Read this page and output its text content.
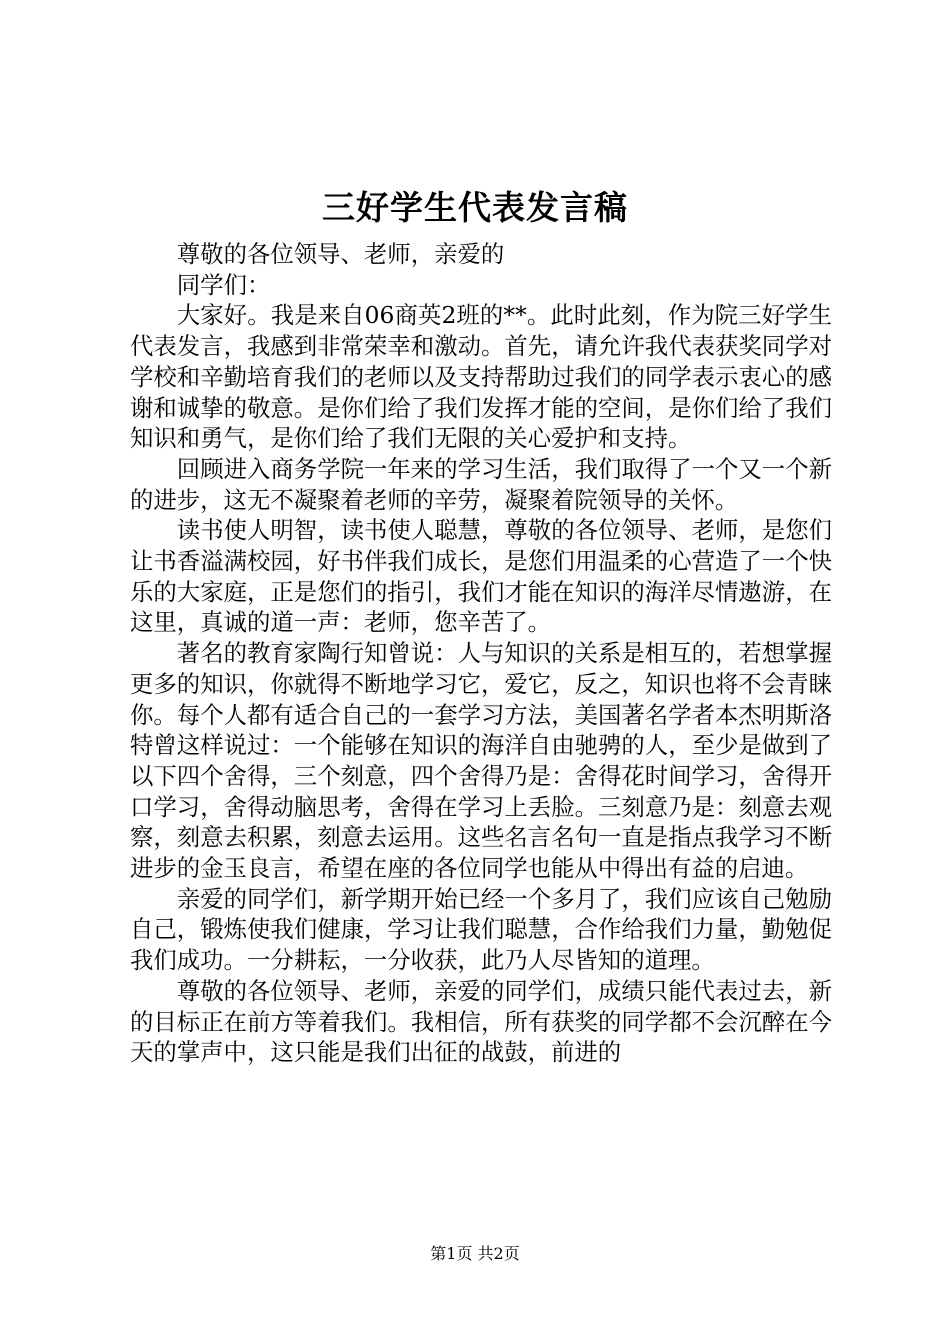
三好学生代表发言稿

尊敬的各位领导、老师，亲爱的

同学们：

大家好。我是来自06商英2班的**。此时此刻，作为院三好学生代表发言，我感到非常荣幸和激动。首先，请允许我代表获奖同学对学校和辛勤培育我们的老师以及支持帮助过我们的同学表示衷心的感谢和诚挚的敬意。是你们给了我们发挥才能的空间，是你们给了我们知识和勇气，是你们给了我们无限的关心爱护和支持。

回顾进入商务学院一年来的学习生活，我们取得了一个又一个新的进步，这无不凝聚着老师的辛劳，凝聚着院领导的关怀。

读书使人明智，读书使人聪慧，尊敬的各位领导、老师，是您们让书香溢满校园，好书伴我们成长，是您们用温柔的心营造了一个快乐的大家庭，正是您们的指引，我们才能在知识的海洋尽情遨游，在这里，真诚的道一声：老师，您辛苦了。

著名的教育家陶行知曾说：人与知识的关系是相互的，若想掌握更多的知识，你就得不断地学习它，爱它，反之，知识也将不会青睐你。每个人都有适合自己的一套学习方法，美国著名学者本杰明斯洛特曾这样说过：一个能够在知识的海洋自由驰骋的人，至少是做到了以下四个舍得，三个刻意，四个舍得乃是：舍得花时间学习，舍得开口学习，舍得动脑思考，舍得在学习上丢脸。三刻意乃是：刻意去观察，刻意去积累，刻意去运用。这些名言名句一直是指点我学习不断进步的金玉良言，希望在座的各位同学也能从中得出有益的启迪。

亲爱的同学们，新学期开始已经一个多月了，我们应该自己勉励自己，锻炼使我们健康，学习让我们聪慧，合作给我们力量，勤勉促我们成功。一分耕耘，一分收获，此乃人尽皆知的道理。

尊敬的各位领导、老师，亲爱的同学们，成绩只能代表过去，新的目标正在前方等着我们。我相信，所有获奖的同学都不会沉醉在今天的掌声中，这只能是我们出征的战鼓，前进的

第1页 共2页
